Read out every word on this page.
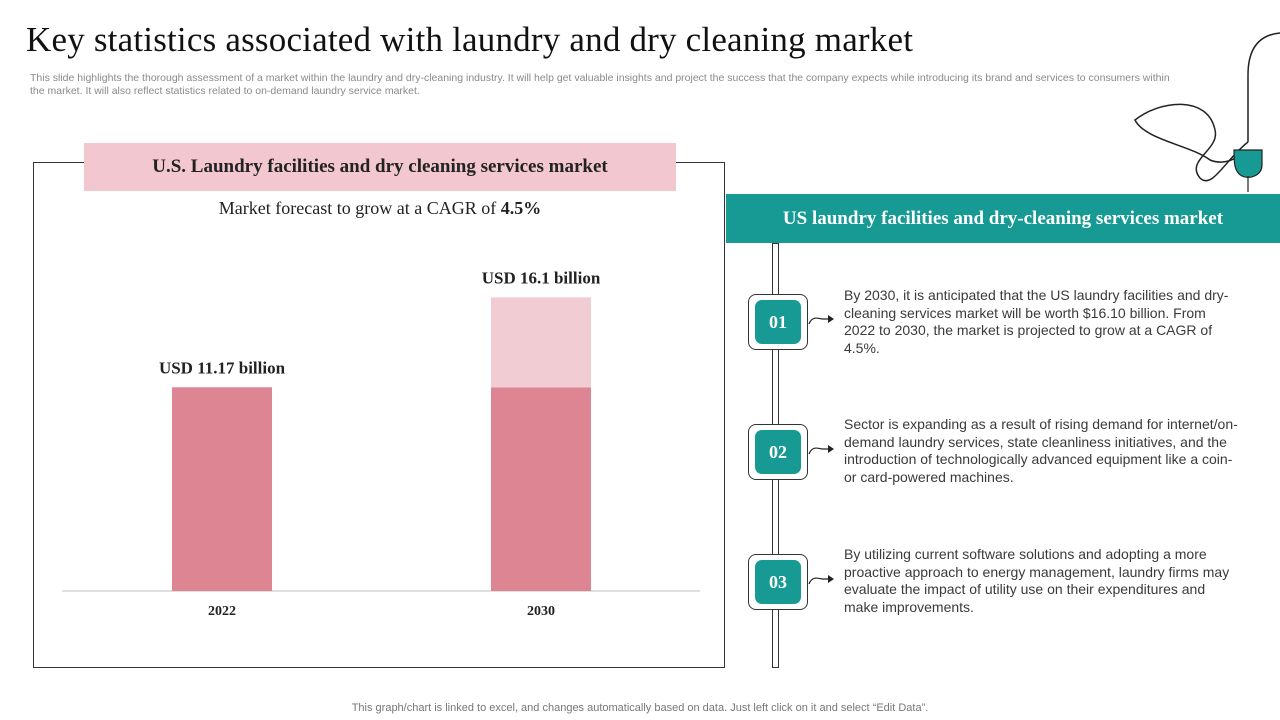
Key statistics associated with laundry and dry cleaning market
This slide highlights the thorough assessment of a market within the laundry and dry-cleaning industry. It will help get valuable insights and project the success that the company expects while introducing its brand and services to consumers within the market. It will also reflect statistics related to on-demand laundry service market.
U.S. Laundry facilities and dry cleaning services market
Market forecast to grow at a CAGR of 4.5%
USD 11.17 billion
2022
USD 16.1 billion
2030
US laundry facilities and dry-cleaning services market
01
By 2030, it is anticipated that the US laundry facilities and dry-cleaning services market will be worth $16.10 billion. From 2022 to 2030, the market is projected to grow at a CAGR of 4.5%.
02
Sector is expanding as a result of rising demand for internet/on-demand laundry services, state cleanliness initiatives, and the introduction of technologically advanced equipment like a coin- or card-powered machines.
03
By utilizing current software solutions and adopting a more proactive approach to energy management, laundry firms may evaluate the impact of utility use on their expenditures and make improvements.
This graph/chart is linked to excel, and changes automatically based on data. Just left click on it and select “Edit Data”.
